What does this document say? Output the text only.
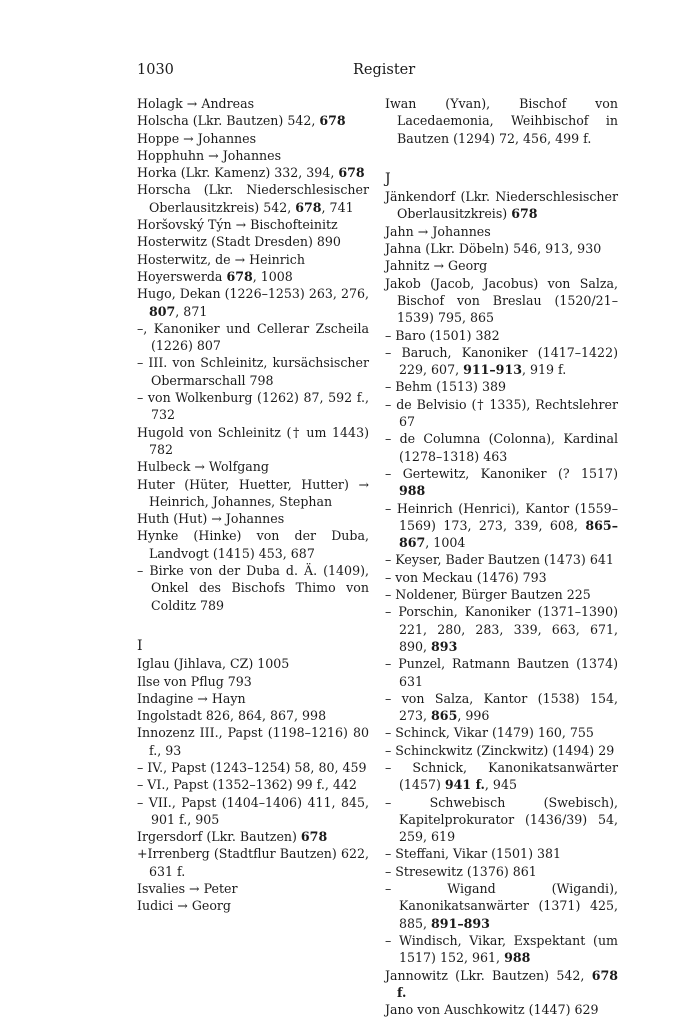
1030	Register

Holagk → Andreas

Holscha (Lkr. Bautzen) 542, 678

Hoppe → Johannes

Hopphuhn → Johannes

Horka (Lkr. Kamenz) 332, 394, 678

Horscha (Lkr. Niederschlesischer Oberlausitzkreis) 542, 678, 741

Horšovský Týn → Bischofteinitz

Hosterwitz (Stadt Dresden) 890

Hosterwitz, de → Heinrich

Hoyerswerda 678, 1008

Hugo, Dekan (1226–1253) 263, 276, 807, 871

–, Kanoniker und Cellerar Zscheila (1226) 807

– III. von Schleinitz, kursächsischer Obermarschall 798

– von Wolkenburg (1262) 87, 592 f., 732

Hugold von Schleinitz († um 1443) 782

Hulbeck → Wolfgang

Huter (Hüter, Huetter, Hutter) → Heinrich, Johannes, Stephan

Huth (Hut) → Johannes

Hynke (Hinke) von der Duba, Landvogt (1415) 453, 687

– Birke von der Duba d. Ä. (1409), Onkel des Bischofs Thimo von Colditz 789

I

Iglau (Jihlava, CZ) 1005

Ilse von Pflug 793

Indagine → Hayn

Ingolstadt 826, 864, 867, 998

Innozenz III., Papst (1198–1216) 80 f., 93

– IV., Papst (1243–1254) 58, 80, 459

– VI., Papst (1352–1362) 99 f., 442

– VII., Papst (1404–1406) 411, 845, 901 f., 905

Irgersdorf (Lkr. Bautzen) 678

+Irrenberg (Stadtflur Bautzen) 622, 631 f.

Isvalies → Peter

Iudici → Georg

Iwan (Yvan), Bischof von Lacedaemonia, Weihbischof in Bautzen (1294) 72, 456, 499 f.

J

Jänkendorf (Lkr. Niederschlesischer Oberlausitzkreis) 678

Jahn → Johannes

Jahna (Lkr. Döbeln) 546, 913, 930

Jahnitz → Georg

Jakob (Jacob, Jacobus) von Salza, Bischof von Breslau (1520/21–1539) 795, 865

– Baro (1501) 382

– Baruch, Kanoniker (1417–1422) 229, 607, 911–913, 919 f.

– Behm (1513) 389

– de Belvisio († 1335), Rechtslehrer 67

– de Columna (Colonna), Kardinal (1278–1318) 463

– Gertewitz, Kanoniker (? 1517) 988

– Heinrich (Henrici), Kantor (1559–1569) 173, 273, 339, 608, 865–867, 1004

– Keyser, Bader Bautzen (1473) 641

– von Meckau (1476) 793

– Noldener, Bürger Bautzen 225

– Porschin, Kanoniker (1371–1390) 221, 280, 283, 339, 663, 671, 890, 893

– Punzel, Ratmann Bautzen (1374) 631

– von Salza, Kantor (1538) 154, 273, 865, 996

– Schinck, Vikar (1479) 160, 755

– Schinckwitz (Zinckwitz) (1494) 29

– Schnick, Kanonikatsanwärter (1457) 941 f., 945

– Schwebisch (Swebisch), Kapitelprokurator (1436/39) 54, 259, 619

– Steffani, Vikar (1501) 381

– Stresewitz (1376) 861

– Wigand (Wigandi), Kanonikatsanwärter (1371) 425, 885, 891–893

– Windisch, Vikar, Exspektant (um 1517) 152, 961, 988

Jannowitz (Lkr. Bautzen) 542, 678 f.

Jano von Auschkowitz (1447) 629
